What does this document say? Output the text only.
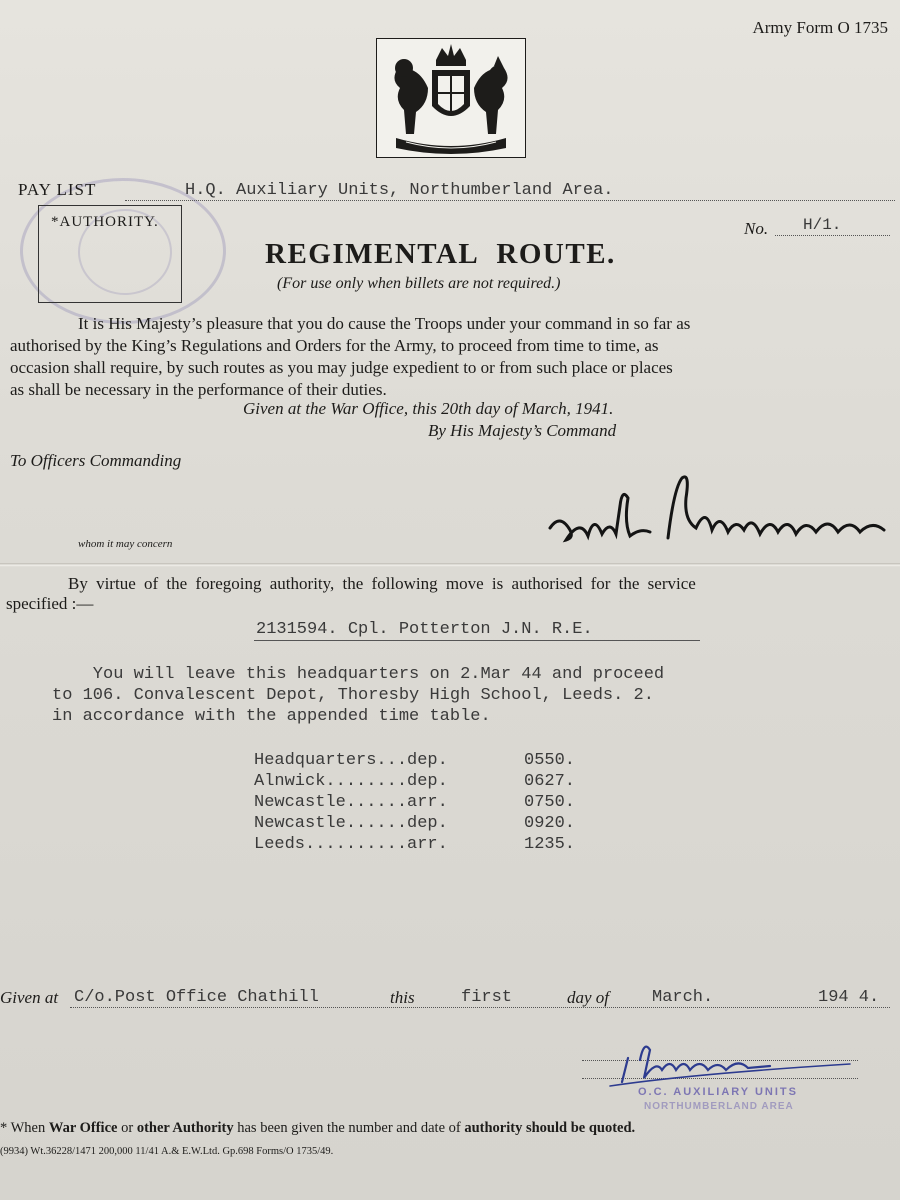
Army Form O 1735
PAY LIST	H.Q. Auxiliary Units, Northumberland Area.
*AUTHORITY.	No. H/1.
REGIMENTAL ROUTE.
(For use only when billets are not required.)
It is His Majesty’s pleasure that you do cause the Troops under your command in so far as
authorised by the King’s Regulations and Orders for the Army, to proceed from time to time, as
occasion shall require, by such routes as you may judge expedient to or from such place or places
as shall be necessary in the performance of their duties.
Given at the War Office, this 20th day of March, 1941.
By His Majesty’s Command
To Officers Commanding
whom it may concern
By virtue of the foregoing authority, the following move is authorised for the service
specified :—
2131594. Cpl. Potterton J.N. R.E.
You will leave this headquarters on 2.Mar 44 and proceed
to 106. Convalescent Depot, Thoresby High School, Leeds. 2.
in accordance with the appended time table.
Headquarters...dep.	0550.
Alnwick........dep.	0627.
Newcastle......arr.	0750.
Newcastle......dep.	0920.
Leeds..........arr.	1235.
Given at C/o.Post Office Chathill	this	first	day of	March.	194 4.
O.C. AUXILIARY UNITS
NORTHUMBERLAND AREA
* When War Office or other Authority has been given the number and date of authority should be quoted.
(9934) Wt.36228/1471 200,000 11/41 A.& E.W.Ltd. Gp.698 Forms/O 1735/49.
